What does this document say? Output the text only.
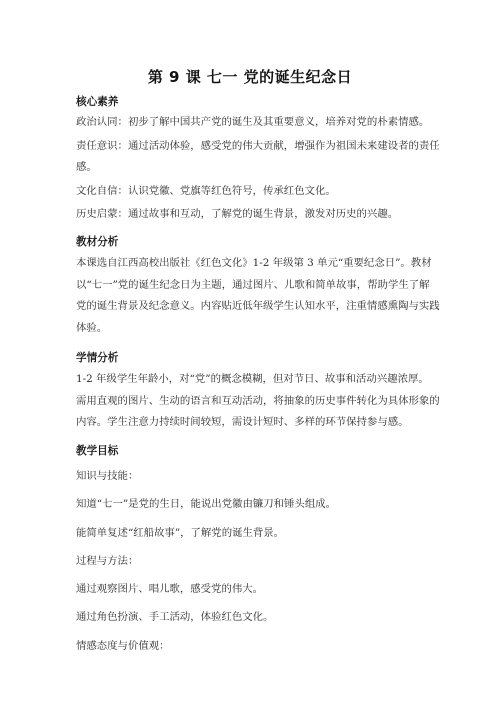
第 9 课 七一 党的诞生纪念日
核心素养
政治认同：初步了解中国共产党的诞生及其重要意义，培养对党的朴素情感。
责任意识：通过活动体验，感受党的伟大贡献，增强作为祖国未来建设者的责任
感。
文化自信：认识党徽、党旗等红色符号，传承红色文化。
历史启蒙：通过故事和互动，了解党的诞生背景，激发对历史的兴趣。
教材分析
本课选自江西高校出版社《红色文化》1-2 年级第 3 单元“重要纪念日”。教材
以“七一”党的诞生纪念日为主题，通过图片、儿歌和简单故事，帮助学生了解
党的诞生背景及纪念意义。内容贴近低年级学生认知水平，注重情感熏陶与实践
体验。
学情分析
1-2 年级学生年龄小，对“党”的概念模糊，但对节日、故事和活动兴趣浓厚。
需用直观的图片、生动的语言和互动活动，将抽象的历史事件转化为具体形象的
内容。学生注意力持续时间较短，需设计短时、多样的环节保持参与感。
教学目标
知识与技能：
知道“七一”是党的生日，能说出党徽由镰刀和锤头组成。
能简单复述“红船故事”，了解党的诞生背景。
过程与方法：
通过观察图片、唱儿歌，感受党的伟大。
通过角色扮演、手工活动，体验红色文化。
情感态度与价值观：
